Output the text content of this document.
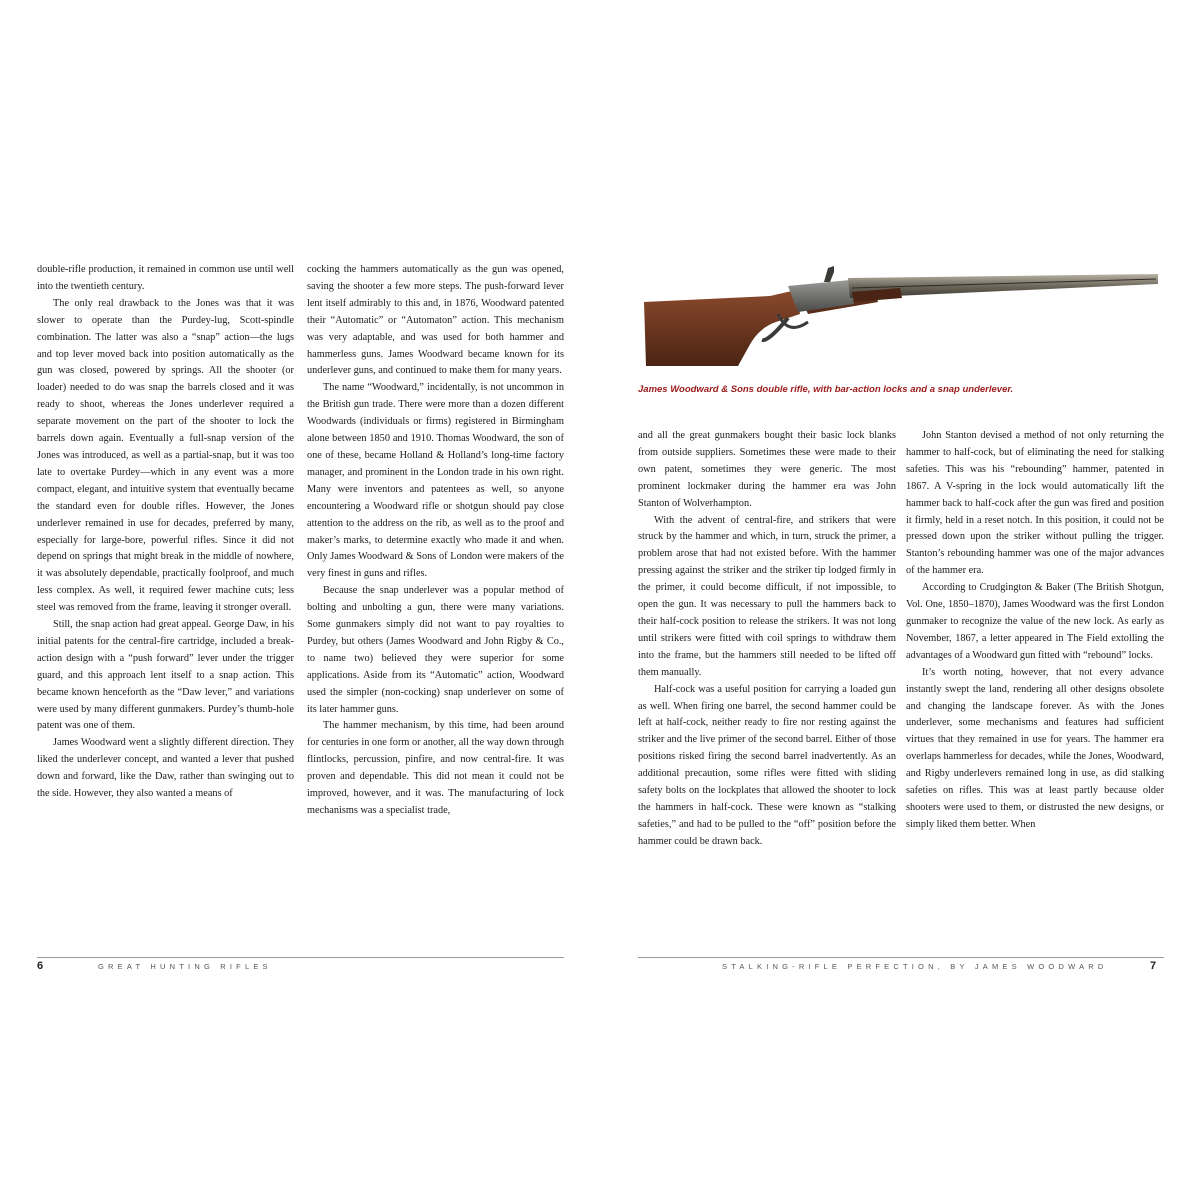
double-rifle production, it remained in common use until well into the twentieth century.

The only real drawback to the Jones was that it was slower to operate than the Purdey-lug, Scott-spindle combination. The latter was also a “snap” action—the lugs and top lever moved back into position automatically as the gun was closed, powered by springs. All the shooter (or loader) needed to do was snap the barrels closed and it was ready to shoot, whereas the Jones underlever required a separate movement on the part of the shooter to lock the barrels down again. Eventually a full-snap version of the Jones was introduced, as well as a partial-snap, but it was too late to overtake Purdey—which in any event was a more compact, elegant, and intuitive system that eventually became the standard even for double rifles. However, the Jones underlever remained in use for decades, preferred by many, especially for large-bore, powerful rifles. Since it did not depend on springs that might break in the middle of nowhere, it was absolutely dependable, practically foolproof, and much less complex. As well, it required fewer machine cuts; less steel was removed from the frame, leaving it stronger overall.

Still, the snap action had great appeal. George Daw, in his initial patents for the central-fire cartridge, included a break-action design with a “push forward” lever under the trigger guard, and this approach lent itself to a snap action. This became known henceforth as the “Daw lever,” and variations were used by many different gunmakers. Purdey’s thumb-hole patent was one of them.

James Woodward went a slightly different direction. They liked the underlever concept, and wanted a lever that pushed down and forward, like the Daw, rather than swinging out to the side. However, they also wanted a means of

cocking the hammers automatically as the gun was opened, saving the shooter a few more steps. The push-forward lever lent itself admirably to this and, in 1876, Woodward patented their “Automatic” or “Automaton” action. This mechanism was very adaptable, and was used for both hammer and hammerless guns. James Woodward became known for its underlever guns, and continued to make them for many years.

The name “Woodward,” incidentally, is not uncommon in the British gun trade. There were more than a dozen different Woodwards (individuals or firms) registered in Birmingham alone between 1850 and 1910. Thomas Woodward, the son of one of these, became Holland & Holland’s long-time factory manager, and prominent in the London trade in his own right. Many were inventors and patentees as well, so anyone encountering a Woodward rifle or shotgun should pay close attention to the address on the rib, as well as to the proof and maker’s marks, to determine exactly who made it and when. Only James Woodward & Sons of London were makers of the very finest in guns and rifles.

Because the snap underlever was a popular method of bolting and unbolting a gun, there were many variations. Some gunmakers simply did not want to pay royalties to Purdey, but others (James Woodward and John Rigby & Co., to name two) believed they were superior for some applications. Aside from its “Automatic” action, Woodward used the simpler (non-cocking) snap underlever on some of its later hammer guns.

The hammer mechanism, by this time, had been around for centuries in one form or another, all the way down through flintlocks, percussion, pinfire, and now central-fire. It was proven and dependable. This did not mean it could not be improved, however, and it was. The manufacturing of lock mechanisms was a specialist trade,

6	GREAT HUNTING RIFLES
James Woodward & Sons double rifle, with bar-action locks and a snap underlever.

and all the great gunmakers bought their basic lock blanks from outside suppliers. Sometimes these were made to their own patent, sometimes they were generic. The most prominent lockmaker during the hammer era was John Stanton of Wolverhampton.

With the advent of central-fire, and strikers that were struck by the hammer and which, in turn, struck the primer, a problem arose that had not existed before. With the hammer pressing against the striker and the striker tip lodged firmly in the primer, it could become difficult, if not impossible, to open the gun. It was necessary to pull the hammers back to their half-cock position to release the strikers. It was not long until strikers were fitted with coil springs to withdraw them into the frame, but the hammers still needed to be lifted off them manually.

Half-cock was a useful position for carrying a loaded gun as well. When firing one barrel, the second hammer could be left at half-cock, neither ready to fire nor resting against the striker and the live primer of the second barrel. Either of those positions risked firing the second barrel inadvertently. As an additional precaution, some rifles were fitted with sliding safety bolts on the lockplates that allowed the shooter to lock the hammers in half-cock. These were known as “stalking safeties,” and had to be pulled to the “off” position before the hammer could be drawn back.

John Stanton devised a method of not only returning the hammer to half-cock, but of eliminating the need for stalking safeties. This was his “rebounding” hammer, patented in 1867. A V-spring in the lock would automatically lift the hammer back to half-cock after the gun was fired and position it firmly, held in a reset notch. In this position, it could not be pressed down upon the striker without pulling the trigger. Stanton’s rebounding hammer was one of the major advances of the hammer era.

According to Crudgington & Baker (The British Shotgun, Vol. One, 1850–1870), James Woodward was the first London gunmaker to recognize the value of the new lock. As early as November, 1867, a letter appeared in The Field extolling the advantages of a Woodward gun fitted with “rebound” locks.

It’s worth noting, however, that not every advance instantly swept the land, rendering all other designs obsolete and changing the landscape forever. As with the Jones underlever, some mechanisms and features had sufficient virtues that they remained in use for years. The hammer era overlaps hammerless for decades, while the Jones, Woodward, and Rigby underlevers remained long in use, as did stalking safeties on rifles. This was at least partly because older shooters were used to them, or distrusted the new designs, or simply liked them better. When

STALKING-RIFLE PERFECTION, BY JAMES WOODWARD	7
